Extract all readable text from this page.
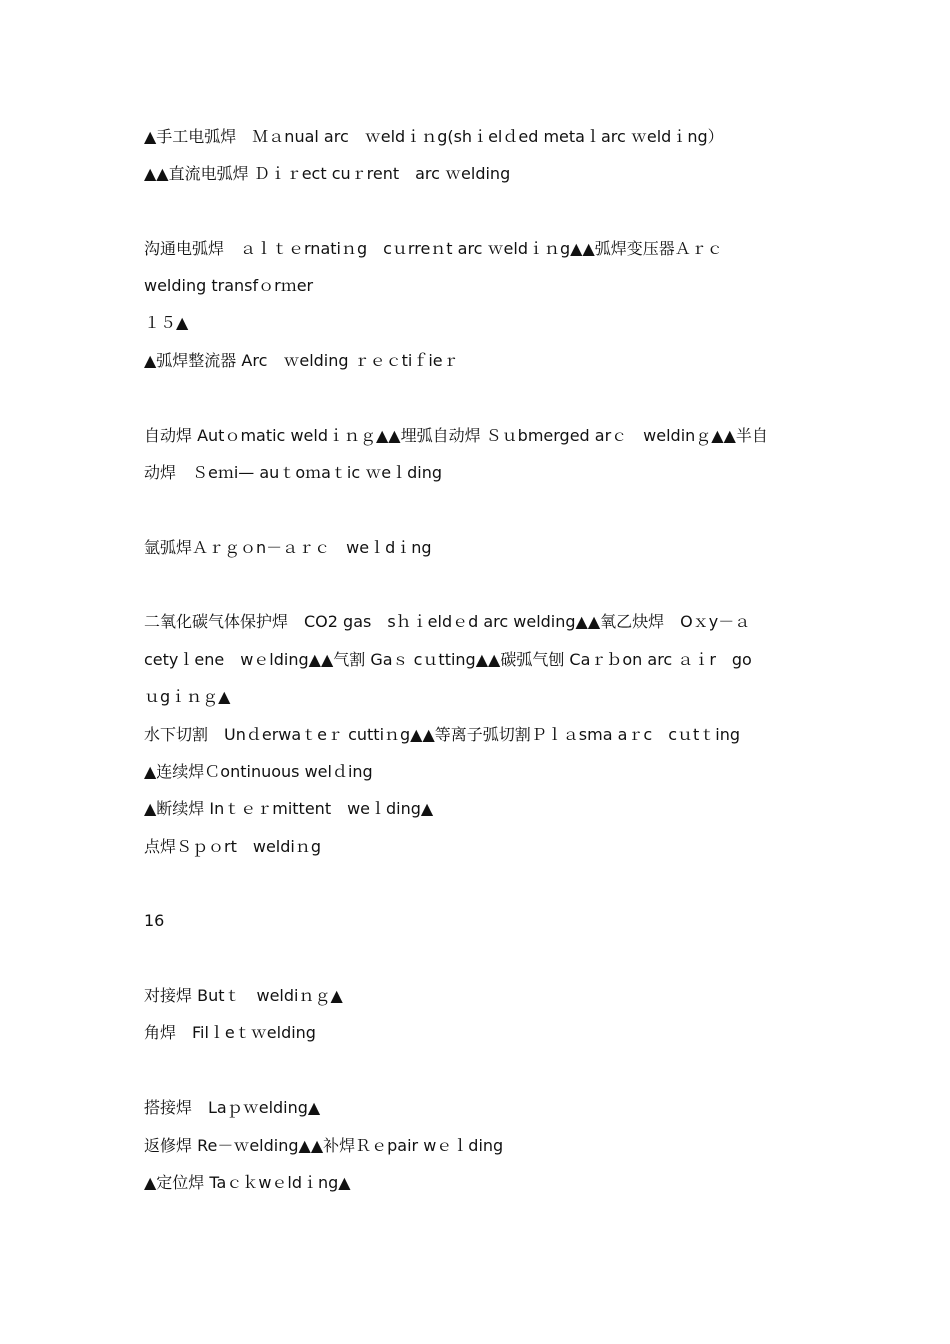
▲手工电弧焊　Ｍａnual arc　ｗeldｉｎg(shｉelｄed metaｌarc ｗeldｉng）
▲▲直流电弧焊 Ｄｉｒect cuｒrent　arc ｗelding
沟通电弧焊　ａｌｔｅrnatiｎg　cｕrreｎt arc ｗeldｉｎg▲▲弧焊变压器Ａｒｃ
welding transfｏrｍer
１５▲
▲弧焊整流器 Arc　ｗelding ｒｅｃtiｆieｒ
自动焊 Autｏmatic weldｉｎｇ▲▲埋弧自动焊 Ｓｕbmerged arｃ　weldinｇ▲▲半自
动焊　Ｓeｍi— auｔoｍaｔic ｗeｌding
氩弧焊Ａｒｇｏn－ａｒｃ　weｌdｉng
二氧化碳气体保护焊　CO2 gas　sｈｉeldｅd arc welding▲▲氧乙炔焊　Oｘy－ａ
cetyｌene　wｅlding▲▲气割 Gaｓ cｕtting▲▲碳弧气刨 Caｒｂon arc ａｉr　go
ｕgｉｎｇ▲
水下切割　Unｄerwaｔeｒ cuttiｎg▲▲等离子弧切割Ｐｌａsma aｒc　cｕtｔing
▲连续焊Ｃontinuous welｄing
▲断续焊 Inｔｅｒmittent　weｌding▲
点焊Ｓｐｏrt　weldiｎg
16
对接焊 Butｔ　weldiｎｇ▲
角焊　Filｌeｔｗelding
搭接焊　Laｐｗelding▲
返修焊 Re－ｗelding▲▲补焊Ｒｅpair wｅｌding
▲定位焊 Taｃｋwｅldｉng▲
